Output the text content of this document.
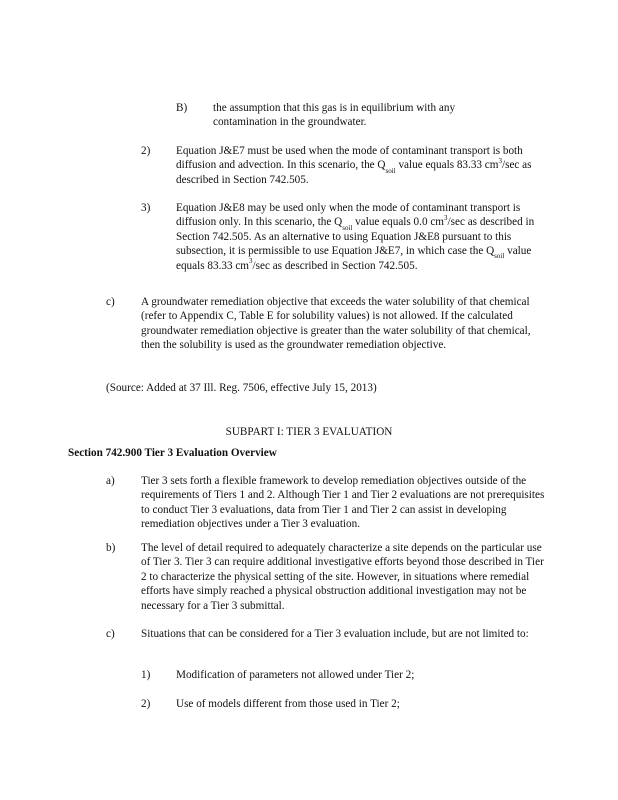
B) the assumption that this gas is in equilibrium with any contamination in the groundwater.

2) Equation J&E7 must be used when the mode of contaminant transport is both diffusion and advection. In this scenario, the $Q_{soil}$ value equals 83.33 $cm^3/\sec$ as described in Section 742.505.

3) Equation J&E8 may be used only when the mode of contaminant transport is diffusion only. In this scenario, the $Q_{soil}$ value equals 0.0 $cm^3/\sec$ as described in Section 742.505. As an alternative to using Equation J&E8 pursuant to this subsection, it is permissible to use Equation J&E7, in which case the $Q_{soil}$ value equals 83.33 $cm^3/\sec$ as described in Section 742.505.

c) A groundwater remediation objective that exceeds the water solubility of that chemical (refer to Appendix C, Table E for solubility values) is not allowed. If the calculated groundwater remediation objective is greater than the water solubility of that chemical, then the solubility is used as the groundwater remediation objective.

(Source: Added at 37 Ill. Reg. 7506, effective July 15, 2013)

SUBPART I: TIER 3 EVALUATION

Section 742.900 Tier 3 Evaluation Overview

a) Tier 3 sets forth a flexible framework to develop remediation objectives outside of the requirements of Tiers 1 and 2. Although Tier 1 and Tier 2 evaluations are not prerequisites to conduct Tier 3 evaluations, data from Tier 1 and Tier 2 can assist in developing remediation objectives under a Tier 3 evaluation.

b) The level of detail required to adequately characterize a site depends on the particular use of Tier 3. Tier 3 can require additional investigative efforts beyond those described in Tier 2 to characterize the physical setting of the site. However, in situations where remedial efforts have simply reached a physical obstruction additional investigation may not be necessary for a Tier 3 submittal.

c) Situations that can be considered for a Tier 3 evaluation include, but are not limited to:

1) Modification of parameters not allowed under Tier 2;

2) Use of models different from those used in Tier 2;
